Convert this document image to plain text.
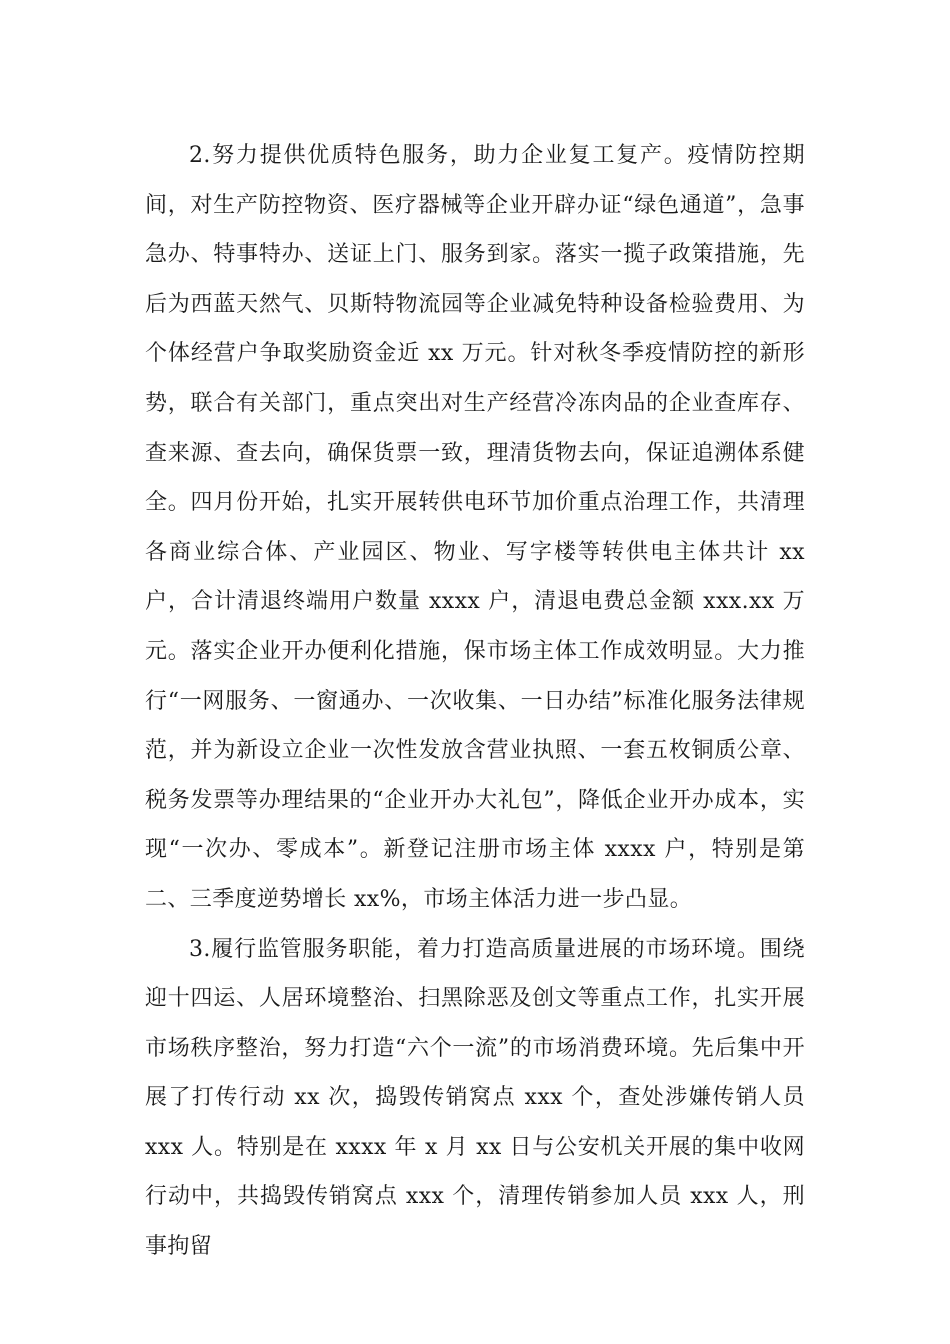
2.努力提供优质特色服务，助力企业复工复产。疫情防控期间，对生产防控物资、医疗器械等企业开辟办证“绿色通道”，急事急办、特事特办、送证上门、服务到家。落实一揽子政策措施，先后为西蓝天然气、贝斯特物流园等企业减免特种设备检验费用、为个体经营户争取奖励资金近 xx 万元。针对秋冬季疫情防控的新形势，联合有关部门，重点突出对生产经营冷冻肉品的企业查库存、查来源、查去向，确保货票一致，理清货物去向，保证追溯体系健全。四月份开始，扎实开展转供电环节加价重点治理工作，共清理各商业综合体、产业园区、物业、写字楼等转供电主体共计 xx 户，合计清退终端用户数量 xxxx 户，清退电费总金额 xxx.xx 万元。落实企业开办便利化措施，保市场主体工作成效明显。大力推行“一网服务、一窗通办、一次收集、一日办结”标准化服务法律规范，并为新设立企业一次性发放含营业执照、一套五枚铜质公章、税务发票等办理结果的“企业开办大礼包”，降低企业开办成本，实现“一次办、零成本”。新登记注册市场主体 xxxx 户，特别是第二、三季度逆势增长 xx%，市场主体活力进一步凸显。

3.履行监管服务职能，着力打造高质量进展的市场环境。围绕迎十四运、人居环境整治、扫黑除恶及创文等重点工作，扎实开展市场秩序整治，努力打造“六个一流”的市场消费环境。先后集中开展了打传行动 xx 次，捣毁传销窝点 xxx 个，查处涉嫌传销人员 xxx 人。特别是在 xxxx 年 x 月 xx 日与公安机关开展的集中收网行动中，共捣毁传销窝点 xxx 个，清理传销参加人员 xxx 人，刑事拘留
